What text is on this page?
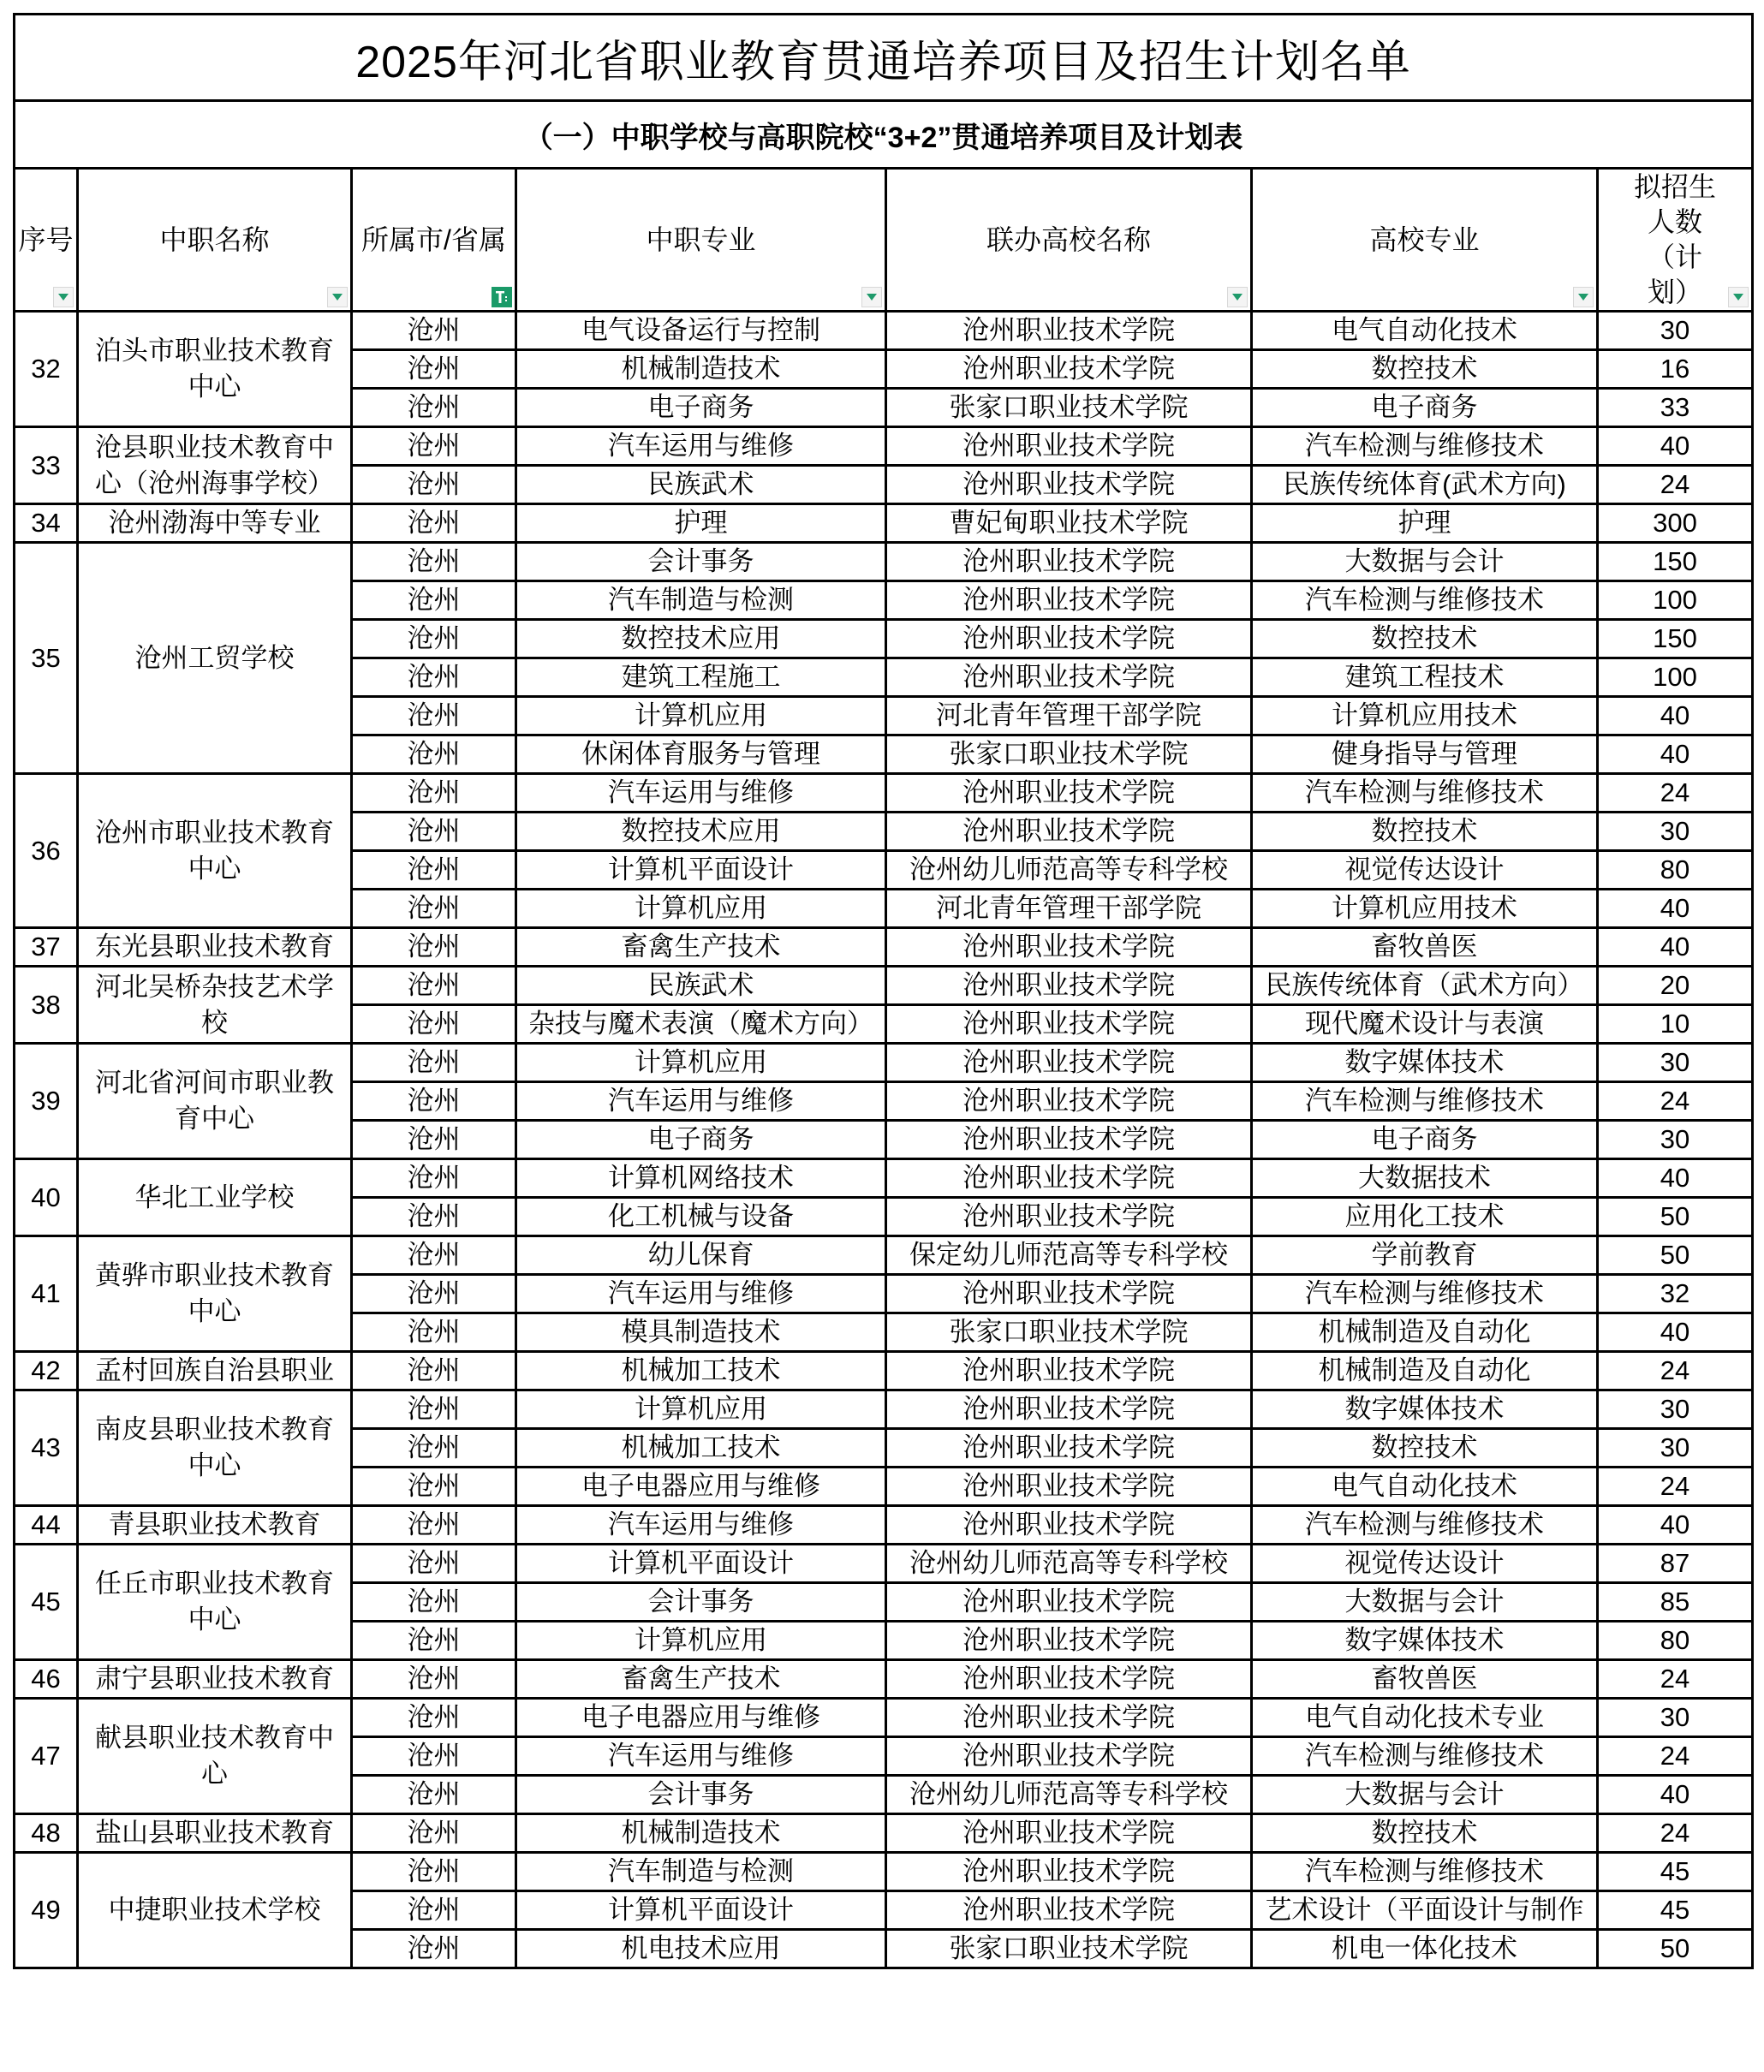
2025年河北省职业教育贯通培养项目及招生计划名单						
（一）中职学校与高职院校“3+2”贯通培养项目及计划表						

序号	中职名称	所属市/省属	中职专业	联办高校名称	高校专业	拟招生人数（计划）

32	泊头市职业技术教育中心	沧州	电气设备运行与控制	沧州职业技术学院	电气自动化技术	30
		沧州	机械制造技术	沧州职业技术学院	数控技术	16
		沧州	电子商务	张家口职业技术学院	电子商务	33
33	沧县职业技术教育中心（沧州海事学校）	沧州	汽车运用与维修	沧州职业技术学院	汽车检测与维修技术	40
		沧州	民族武术	沧州职业技术学院	民族传统体育(武术方向)	24
34	沧州渤海中等专业	沧州	护理	曹妃甸职业技术学院	护理	300
35	沧州工贸学校	沧州	会计事务	沧州职业技术学院	大数据与会计	150
		沧州	汽车制造与检测	沧州职业技术学院	汽车检测与维修技术	100
		沧州	数控技术应用	沧州职业技术学院	数控技术	150
		沧州	建筑工程施工	沧州职业技术学院	建筑工程技术	100
		沧州	计算机应用	河北青年管理干部学院	计算机应用技术	40
		沧州	休闲体育服务与管理	张家口职业技术学院	健身指导与管理	40
36	沧州市职业技术教育中心	沧州	汽车运用与维修	沧州职业技术学院	汽车检测与维修技术	24
		沧州	数控技术应用	沧州职业技术学院	数控技术	30
		沧州	计算机平面设计	沧州幼儿师范高等专科学校	视觉传达设计	80
		沧州	计算机应用	河北青年管理干部学院	计算机应用技术	40
37	东光县职业技术教育	沧州	畜禽生产技术	沧州职业技术学院	畜牧兽医	40
38	河北吴桥杂技艺术学校	沧州	民族武术	沧州职业技术学院	民族传统体育（武术方向）	20
		沧州	杂技与魔术表演（魔术方向）	沧州职业技术学院	现代魔术设计与表演	10
39	河北省河间市职业教育中心	沧州	计算机应用	沧州职业技术学院	数字媒体技术	30
		沧州	汽车运用与维修	沧州职业技术学院	汽车检测与维修技术	24
		沧州	电子商务	沧州职业技术学院	电子商务	30
40	华北工业学校	沧州	计算机网络技术	沧州职业技术学院	大数据技术	40
		沧州	化工机械与设备	沧州职业技术学院	应用化工技术	50
41	黄骅市职业技术教育中心	沧州	幼儿保育	保定幼儿师范高等专科学校	学前教育	50
		沧州	汽车运用与维修	沧州职业技术学院	汽车检测与维修技术	32
		沧州	模具制造技术	张家口职业技术学院	机械制造及自动化	40
42	孟村回族自治县职业	沧州	机械加工技术	沧州职业技术学院	机械制造及自动化	24
43	南皮县职业技术教育中心	沧州	计算机应用	沧州职业技术学院	数字媒体技术	30
		沧州	机械加工技术	沧州职业技术学院	数控技术	30
		沧州	电子电器应用与维修	沧州职业技术学院	电气自动化技术	24
44	青县职业技术教育	沧州	汽车运用与维修	沧州职业技术学院	汽车检测与维修技术	40
45	任丘市职业技术教育中心	沧州	计算机平面设计	沧州幼儿师范高等专科学校	视觉传达设计	87
		沧州	会计事务	沧州职业技术学院	大数据与会计	85
		沧州	计算机应用	沧州职业技术学院	数字媒体技术	80
46	肃宁县职业技术教育	沧州	畜禽生产技术	沧州职业技术学院	畜牧兽医	24
47	献县职业技术教育中心	沧州	电子电器应用与维修	沧州职业技术学院	电气自动化技术专业	30
		沧州	汽车运用与维修	沧州职业技术学院	汽车检测与维修技术	24
		沧州	会计事务	沧州幼儿师范高等专科学校	大数据与会计	40
48	盐山县职业技术教育	沧州	机械制造技术	沧州职业技术学院	数控技术	24
49	中捷职业技术学校	沧州	汽车制造与检测	沧州职业技术学院	汽车检测与维修技术	45
		沧州	计算机平面设计	沧州职业技术学院	艺术设计（平面设计与制作	45
		沧州	机电技术应用	张家口职业技术学院	机电一体化技术	50
